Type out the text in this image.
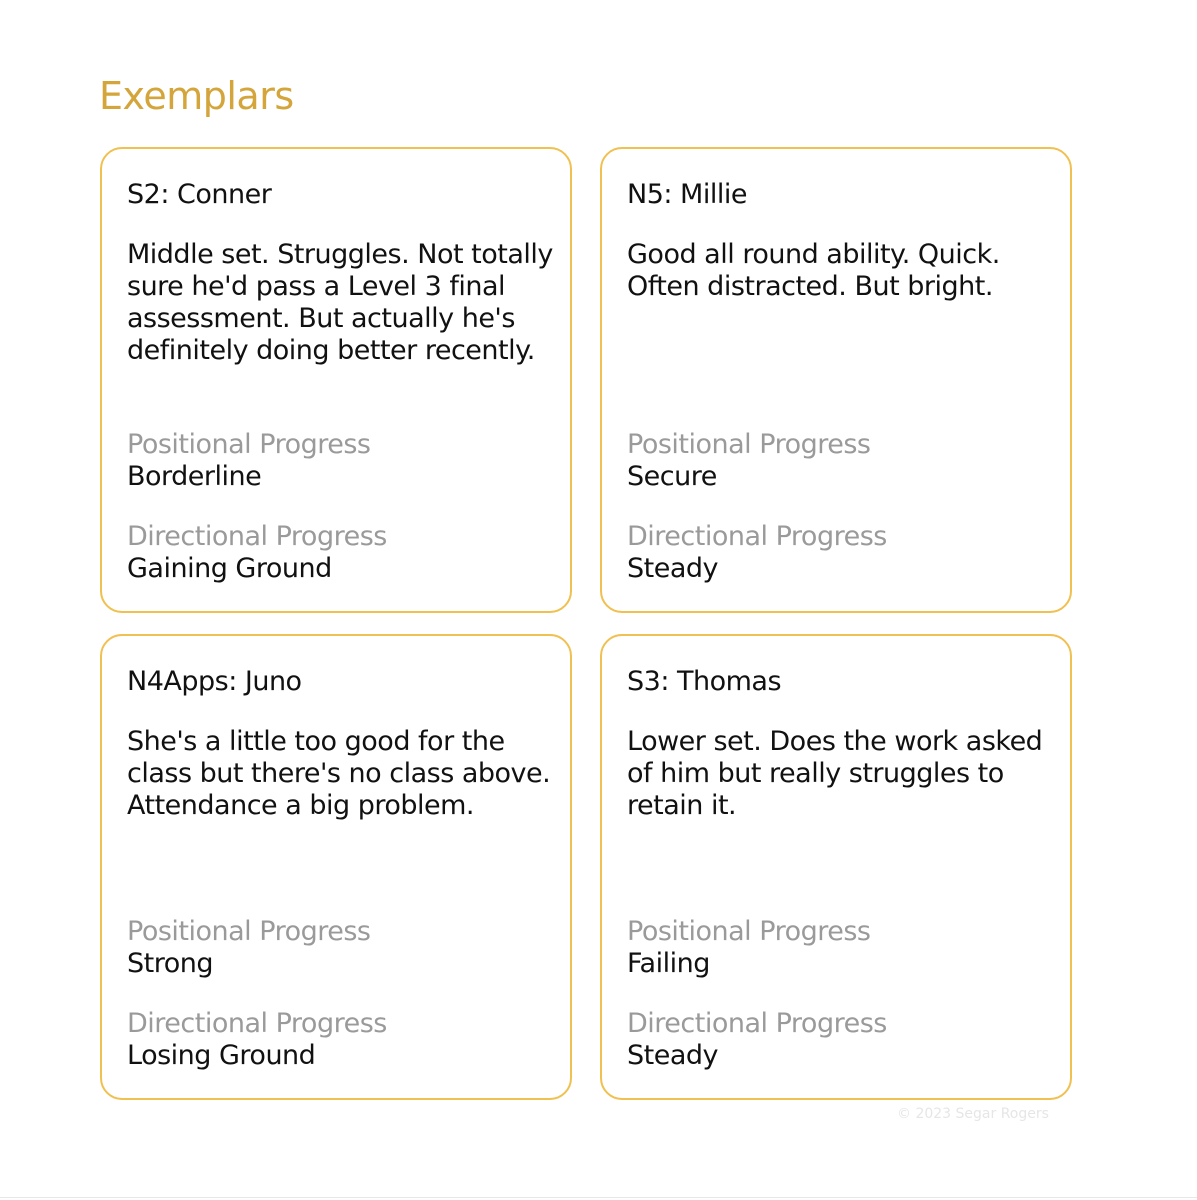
Exemplars
S2: Conner
Middle set. Struggles. Not totally sure he'd pass a Level 3 final assessment. But actually he's definitely doing better recently.
Positional Progress
Borderline
Directional Progress
Gaining Ground
N5: Millie
Good all round ability. Quick. Often distracted. But bright.
Positional Progress
Secure
Directional Progress
Steady
N4Apps: Juno
She's a little too good for the class but there's no class above. Attendance a big problem.
Positional Progress
Strong
Directional Progress
Losing Ground
S3: Thomas
Lower set. Does the work asked of him but really struggles to retain it.
Positional Progress
Failing
Directional Progress
Steady
© 2023 Segar Rogers
